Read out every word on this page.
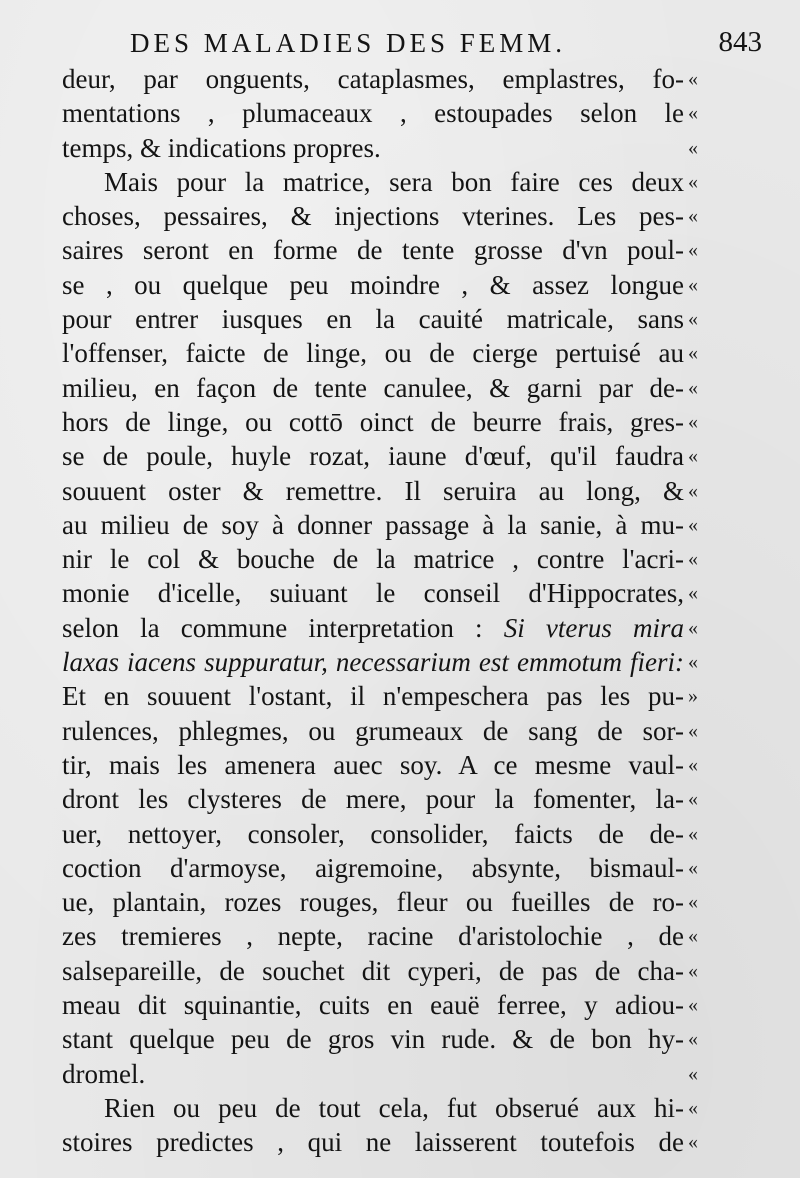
DES MALADIES DES FEMM.	843
deur, par onguents, cataplasmes, emplastres, fo-
mentations , plumaceaux , estoupades selon le
temps, & indications propres.
Mais pour la matrice, sera bon faire ces deux
choses, pessaires, & injections vterines. Les pes-
saires seront en forme de tente grosse d'vn poul-
se , ou quelque peu moindre , & assez longue
pour entrer iusques en la cauité matricale, sans
l'offenser, faicte de linge, ou de cierge pertuisé au
milieu, en façon de tente canulee, & garni par de-
hors de linge, ou cottō oinct de beurre frais, gres-
se de poule, huyle rozat, iaune d'œuf, qu'il faudra
souuent oster & remettre. Il seruira au long, &
au milieu de soy à donner passage à la sanie, à mu-
nir le col & bouche de la matrice , contre l'acri-
monie d'icelle, suiuant le conseil d'Hippocrates,
selon la commune interpretation : Si vterus mira
laxas iacens suppuratur, necessarium est emmotum fieri:
Et en souuent l'ostant, il n'empeschera pas les pu-
rulences, phlegmes, ou grumeaux de sang de sor-
tir, mais les amenera auec soy. A ce mesme vaul-
dront les clysteres de mere, pour la fomenter, la-
uer, nettoyer, consoler, consolider, faicts de de-
coction d'armoyse, aigremoine, absynte, bismaul-
ue, plantain, rozes rouges, fleur ou fueilles de ro-
zes tremieres , nepte, racine d'aristolochie , de
salsepareille, de souchet dit cyperi, de pas de cha-
meau dit squinantie, cuits en eauë ferree, y adiou-
stant quelque peu de gros vin rude. & de bon hy-
dromel.
Rien ou peu de tout cela, fut obserué aux hi-
stoires predictes , qui ne laisserent toutefois de
«
«
«
«
«
«
«
«
«
«
«
«
«
«
«
«
«
«
»
«
«
«
«
«
«
«
«
«
«
«
«
«
